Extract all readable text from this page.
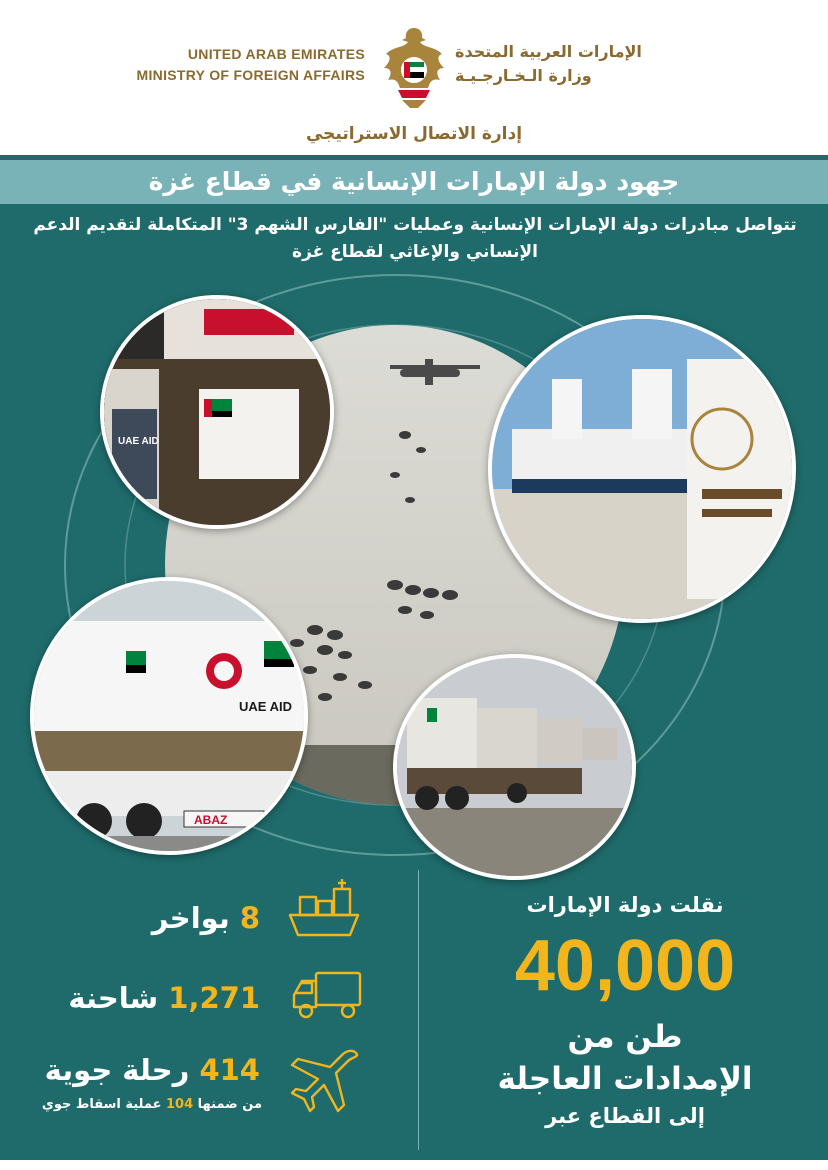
UNITED ARAB EMIRATES
MINISTRY OF FOREIGN AFFAIRS
الإمارات العربية المتحدة
وزارة الـخـارجـيـة
إدارة الاتصال الاستراتيجي
جهود دولة الإمارات الإنسانية في قطاع غزة
تتواصل مبادرات دولة الإمارات الإنسانية وعمليات "الفارس الشهم 3" المتكاملة لتقديم الدعم الإنساني والإغاثي لقطاع غزة
UAE AID
UAE AID
ABAZ
8 بواخر
1,271 شاحنة
414 رحلة جوية
من ضمنها 104 عملية اسقاط جوي
نقلت دولة الإمارات
40,000
طن من
الإمدادات العاجلة
إلى القطاع عبر
